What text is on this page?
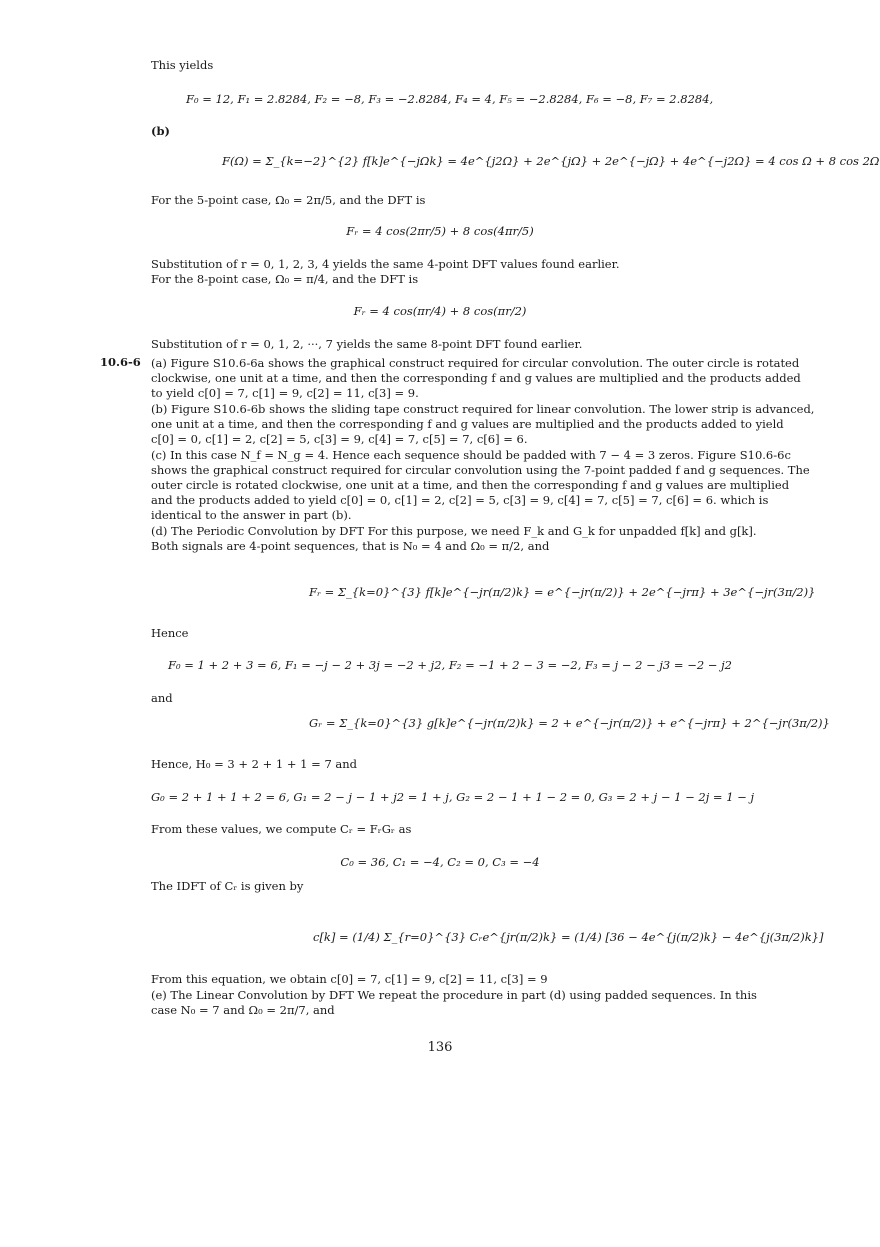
This yields
F₀ = 12, F₁ = 2.8284, F₂ = −8, F₃ = −2.8284, F₄ = 4, F₅ = −2.8284, F₆ = −8, F₇ = 2.8284,
(b)
F(Ω) = Σ_{k=−2}^{2} f[k]e^{−jΩk} = 4e^{j2Ω} + 2e^{jΩ} + 2e^{−jΩ} + 4e^{−j2Ω} = 4 cos Ω + 8 cos 2Ω
For the 5-point case, Ω₀ = 2π/5, and the DFT is
Fᵣ = 4 cos(2πr/5) + 8 cos(4πr/5)
Substitution of r = 0, 1, 2, 3, 4 yields the same 4-point DFT values found earlier.
For the 8-point case, Ω₀ = π/4, and the DFT is
Fᵣ = 4 cos(πr/4) + 8 cos(πr/2)
Substitution of r = 0, 1, 2, ···, 7 yields the same 8-point DFT found earlier.
10.6-6 (a) Figure S10.6-6a shows the graphical construct required for circular convolution. The outer circle is rotated
clockwise, one unit at a time, and then the corresponding f and g values are multiplied and the products added
to yield c[0] = 7, c[1] = 9, c[2] = 11, c[3] = 9.
(b) Figure S10.6-6b shows the sliding tape construct required for linear convolution. The lower strip is advanced,
one unit at a time, and then the corresponding f and g values are multiplied and the products added to yield
c[0] = 0, c[1] = 2, c[2] = 5, c[3] = 9, c[4] = 7, c[5] = 7, c[6] = 6.
(c) In this case N_f = N_g = 4. Hence each sequence should be padded with 7 − 4 = 3 zeros. Figure S10.6-6c
shows the graphical construct required for circular convolution using the 7-point padded f and g sequences. The
outer circle is rotated clockwise, one unit at a time, and then the corresponding f and g values are multiplied
and the products added to yield c[0] = 0, c[1] = 2, c[2] = 5, c[3] = 9, c[4] = 7, c[5] = 7, c[6] = 6. which is
identical to the answer in part (b).
(d) The Periodic Convolution by DFT For this purpose, we need F_k and G_k for unpadded f[k] and g[k].
Both signals are 4-point sequences, that is N₀ = 4 and Ω₀ = π/2, and
Fᵣ = Σ_{k=0}^{3} f[k]e^{−jr(π/2)k} = e^{−jr(π/2)} + 2e^{−jrπ} + 3e^{−jr(3π/2)}
Hence
F₀ = 1 + 2 + 3 = 6, F₁ = −j − 2 + 3j = −2 + j2, F₂ = −1 + 2 − 3 = −2, F₃ = j − 2 − j3 = −2 − j2
and
Gᵣ = Σ_{k=0}^{3} g[k]e^{−jr(π/2)k} = 2 + e^{−jr(π/2)} + e^{−jrπ} + 2^{−jr(3π/2)}
Hence, H₀ = 3 + 2 + 1 + 1 = 7 and
G₀ = 2 + 1 + 1 + 2 = 6, G₁ = 2 − j − 1 + j2 = 1 + j, G₂ = 2 − 1 + 1 − 2 = 0, G₃ = 2 + j − 1 − 2j = 1 − j
From these values, we compute Cᵣ = FᵣGᵣ as
C₀ = 36, C₁ = −4, C₂ = 0, C₃ = −4
The IDFT of Cᵣ is given by
c[k] = (1/4) Σ_{r=0}^{3} Cᵣe^{jr(π/2)k} = (1/4) [36 − 4e^{j(π/2)k} − 4e^{j(3π/2)k}]
From this equation, we obtain c[0] = 7, c[1] = 9, c[2] = 11, c[3] = 9
(e) The Linear Convolution by DFT We repeat the procedure in part (d) using padded sequences. In this
case N₀ = 7 and Ω₀ = 2π/7, and
136
